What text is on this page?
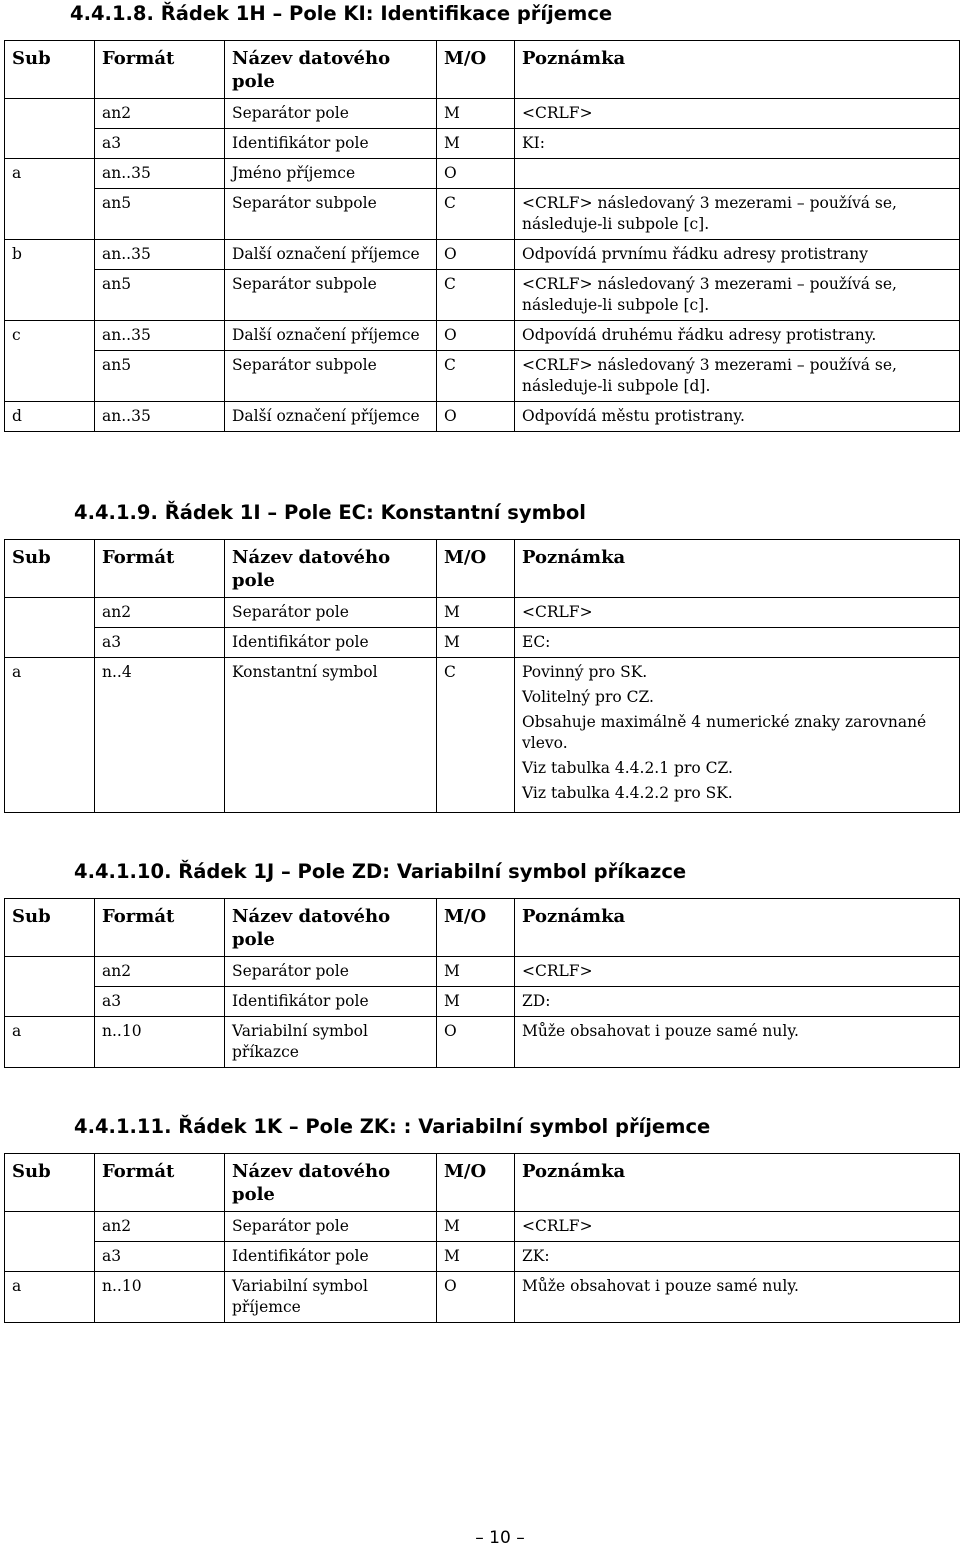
4.4.1.8. Řádek 1H – Pole KI: Identifikace příjemce
Sub	Formát	Název datového pole	M/O	Poznámka
	an2	Separátor pole	M	<CRLF>

	a3	Identifikátor pole	M	KI:

a	an..35	Jméno příjemce	O	

	an5	Separátor subpole	C	<CRLF> následovaný 3 mezerami – používá se, následuje-li subpole [c].

b	an..35	Další označení příjemce	O	Odpovídá prvnímu řádku adresy protistrany

	an5	Separátor subpole	C	<CRLF> následovaný 3 mezerami – používá se, následuje-li subpole [c].

c	an..35	Další označení příjemce	O	Odpovídá druhému řádku adresy protistrany.

	an5	Separátor subpole	C	<CRLF> následovaný 3 mezerami – používá se, následuje-li subpole [d].

d	an..35	Další označení příjemce	O	Odpovídá městu protistrany.
4.4.1.9. Řádek 1I – Pole EC: Konstantní symbol
Sub	Formát	Název datového pole	M/O	Poznámka
	an2	Separátor pole	M	<CRLF>

	a3	Identifikátor pole	M	EC:

a	n..4	Konstantní symbol	C	Povinný pro SK.
Volitelný pro CZ.
Obsahuje maximálně 4 numerické znaky zarovnané vlevo.
Viz tabulka 4.4.2.1 pro CZ.
Viz tabulka 4.4.2.2 pro SK.
4.4.1.10. Řádek 1J – Pole ZD: Variabilní symbol příkazce
Sub	Formát	Název datového pole	M/O	Poznámka
	an2	Separátor pole	M	<CRLF>

	a3	Identifikátor pole	M	ZD:

a	n..10	Variabilní symbol příkazce	O	Může obsahovat i pouze samé nuly.
4.4.1.11. Řádek 1K – Pole ZK: : Variabilní symbol příjemce
Sub	Formát	Název datového pole	M/O	Poznámka
	an2	Separátor pole	M	<CRLF>

	a3	Identifikátor pole	M	ZK:

a	n..10	Variabilní symbol příjemce	O	Může obsahovat i pouze samé nuly.
– 10 –
